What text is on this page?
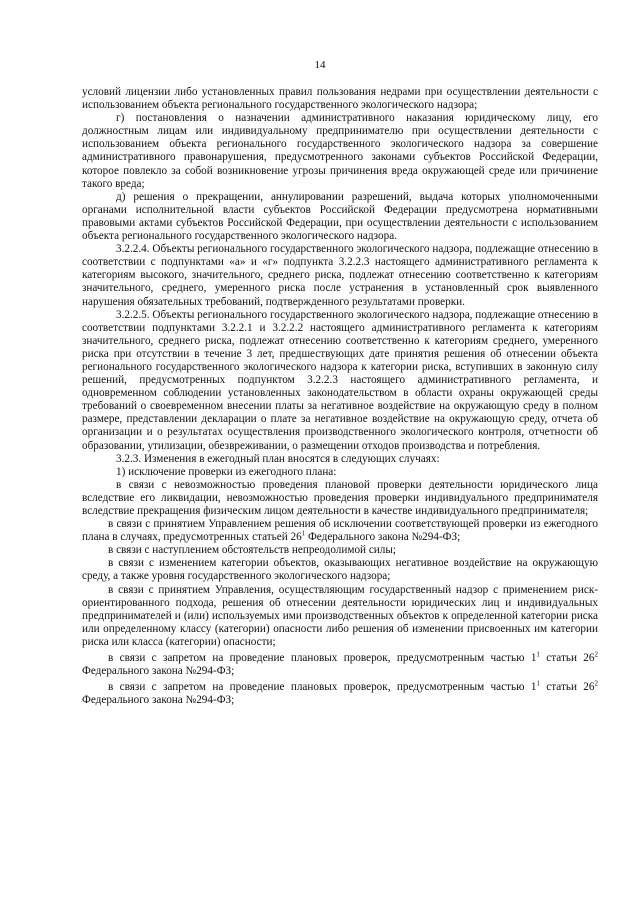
14

условий лицензии либо установленных правил пользования недрами при осуществлении деятельности с использованием объекта регионального государственного экологического надзора;

г) постановления о назначении административного наказания юридическому лицу, его должностным лицам или индивидуальному предпринимателю при осуществлении деятельности с использованием объекта регионального государственного экологического надзора за совершение административного правонарушения, предусмотренного законами субъектов Российской Федерации, которое повлекло за собой возникновение угрозы причинения вреда окружающей среде или причинение такого вреда;

д) решения о прекращении, аннулировании разрешений, выдача которых уполномоченными органами исполнительной власти субъектов Российской Федерации предусмотрена нормативными правовыми актами субъектов Российской Федерации, при осуществлении деятельности с использованием объекта регионального государственного экологического надзора.

3.2.2.4. Объекты регионального государственного экологического надзора, подлежащие отнесению в соответствии с подпунктами «а» и «г» подпункта 3.2.2.3 настоящего административного регламента к категориям высокого, значительного, среднего риска, подлежат отнесению соответственно к категориям значительного, среднего, умеренного риска после устранения в установленный срок выявленного нарушения обязательных требований, подтвержденного результатами проверки.

3.2.2.5. Объекты регионального государственного экологического надзора, подлежащие отнесению в соответствии подпунктами 3.2.2.1 и 3.2.2.2 настоящего административного регламента к категориям значительного, среднего риска, подлежат отнесению соответственно к категориям среднего, умеренного риска при отсутствии в течение 3 лет, предшествующих дате принятия решения об отнесении объекта регионального государственного экологического надзора к категории риска, вступивших в законную силу решений, предусмотренных подпунктом 3.2.2.3 настоящего административного регламента, и одновременном соблюдении установленных законодательством в области охраны окружающей среды требований о своевременном внесении платы за негативное воздействие на окружающую среду в полном размере, представлении декларации о плате за негативное воздействие на окружающую среду, отчета об организации и о результатах осуществления производственного экологического контроля, отчетности об образовании, утилизации, обезвреживании, о размещении отходов производства и потребления.

3.2.3. Изменения в ежегодный план вносятся в следующих случаях:

1) исключение проверки из ежегодного плана:

в связи с невозможностью проведения плановой проверки деятельности юридического лица вследствие его ликвидации, невозможностью проведения проверки индивидуального предпринимателя вследствие прекращения физическим лицом деятельности в качестве индивидуального предпринимателя;

в связи с принятием Управлением решения об исключении соответствующей проверки из ежегодного плана в случаях, предусмотренных статьей $26^1$ Федерального закона №294-ФЗ;

в связи с наступлением обстоятельств непреодолимой силы;

в связи с изменением категории объектов, оказывающих негативное воздействие на окружающую среду, а также уровня государственного экологического надзора;

в связи с принятием Управления, осуществляющим государственный надзор с применением риск-ориентированного подхода, решения об отнесении деятельности юридических лиц и индивидуальных предпринимателей и (или) используемых ими производственных объектов к определенной категории риска или определенному классу (категории) опасности либо решения об изменении присвоенных им категории риска или класса (категории) опасности;

в связи с запретом на проведение плановых проверок, предусмотренным частью $1^1$ статьи $26^2$ Федерального закона №294-ФЗ;

в связи с запретом на проведение плановых проверок, предусмотренным частью $1^1$ статьи $26^2$ Федерального закона №294-ФЗ;
